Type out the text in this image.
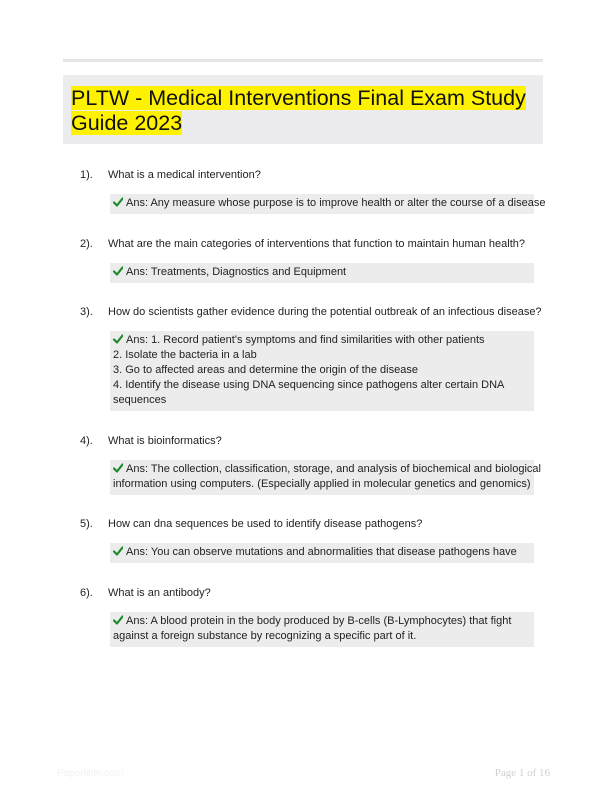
PLTW - Medical Interventions Final Exam Study Guide 2023
1). What is a medical intervention?
Ans: Any measure whose purpose is to improve health or alter the course of a disease
2). What are the main categories of interventions that function to maintain human health?
Ans: Treatments, Diagnostics and Equipment
3). How do scientists gather evidence during the potential outbreak of an infectious disease?
Ans: 1. Record patient's symptoms and find similarities with other patients
2. Isolate the bacteria in a lab
3. Go to affected areas and determine the origin of the disease
4. Identify the disease using DNA sequencing since pathogens alter certain DNA
sequences
4). What is bioinformatics?
Ans: The collection, classification, storage, and analysis of biochemical and biological
information using computers. (Especially applied in molecular genetics and genomics)
5). How can dna sequences be used to identify disease pathogens?
Ans: You can observe mutations and abnormalities that disease pathogens have
6). What is an antibody?
Ans: A blood protein in the body produced by B-cells (B-Lymphocytes) that fight
against a foreign substance by recognizing a specific part of it.
Paperlibin.com	Page 1 of 16
